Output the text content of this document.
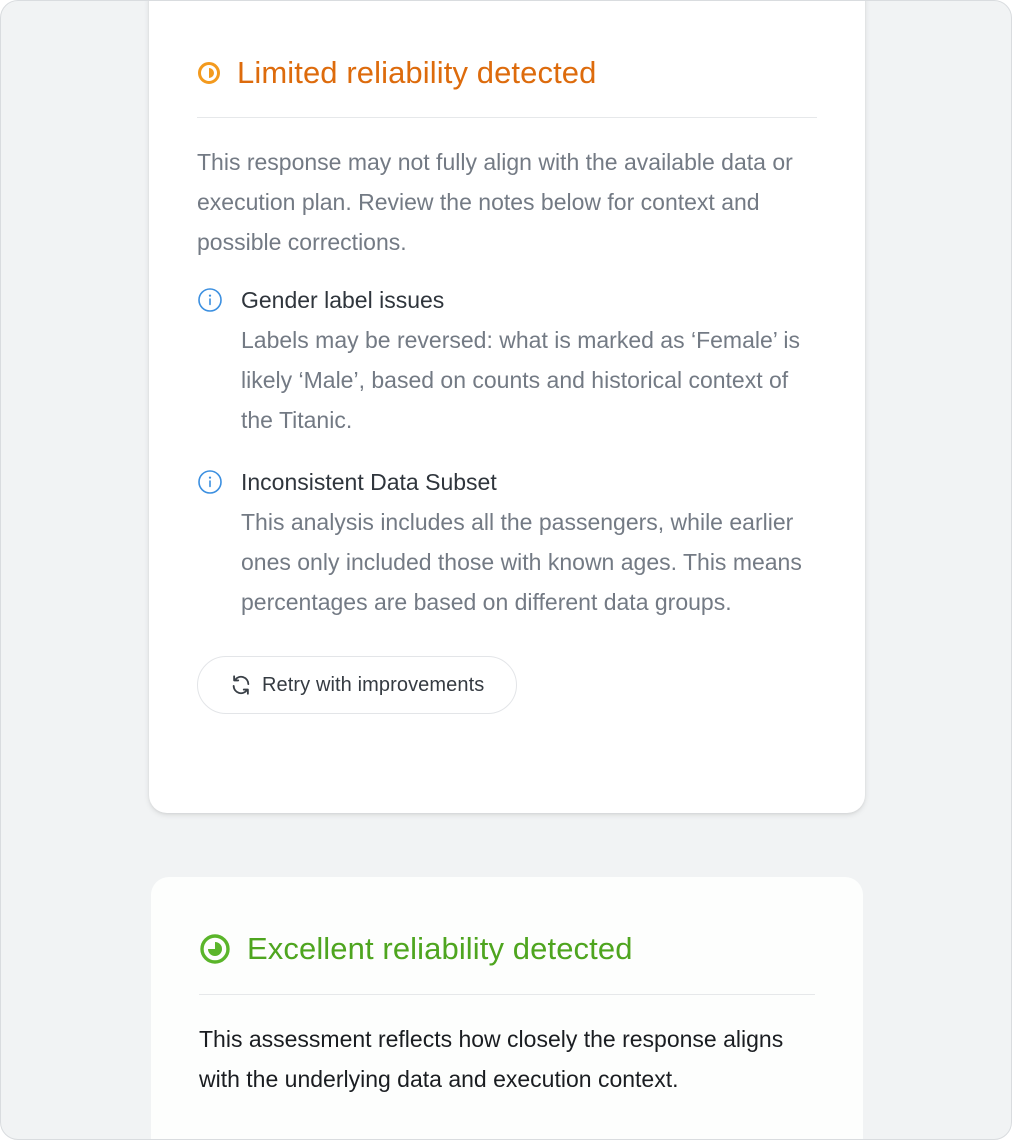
Limited reliability detected

This response may not fully align with the available data or execution plan. Review the notes below for context and possible corrections.

Gender label issues
Labels may be reversed: what is marked as ‘Female’ is likely ‘Male’, based on counts and historical context of the Titanic.
Inconsistent Data Subset
This analysis includes all the passengers, while earlier ones only included those with known ages. This means percentages are based on different data groups.
Retry with improvements
Excellent reliability detected

This assessment reflects how closely the response aligns with the underlying data and execution context.
